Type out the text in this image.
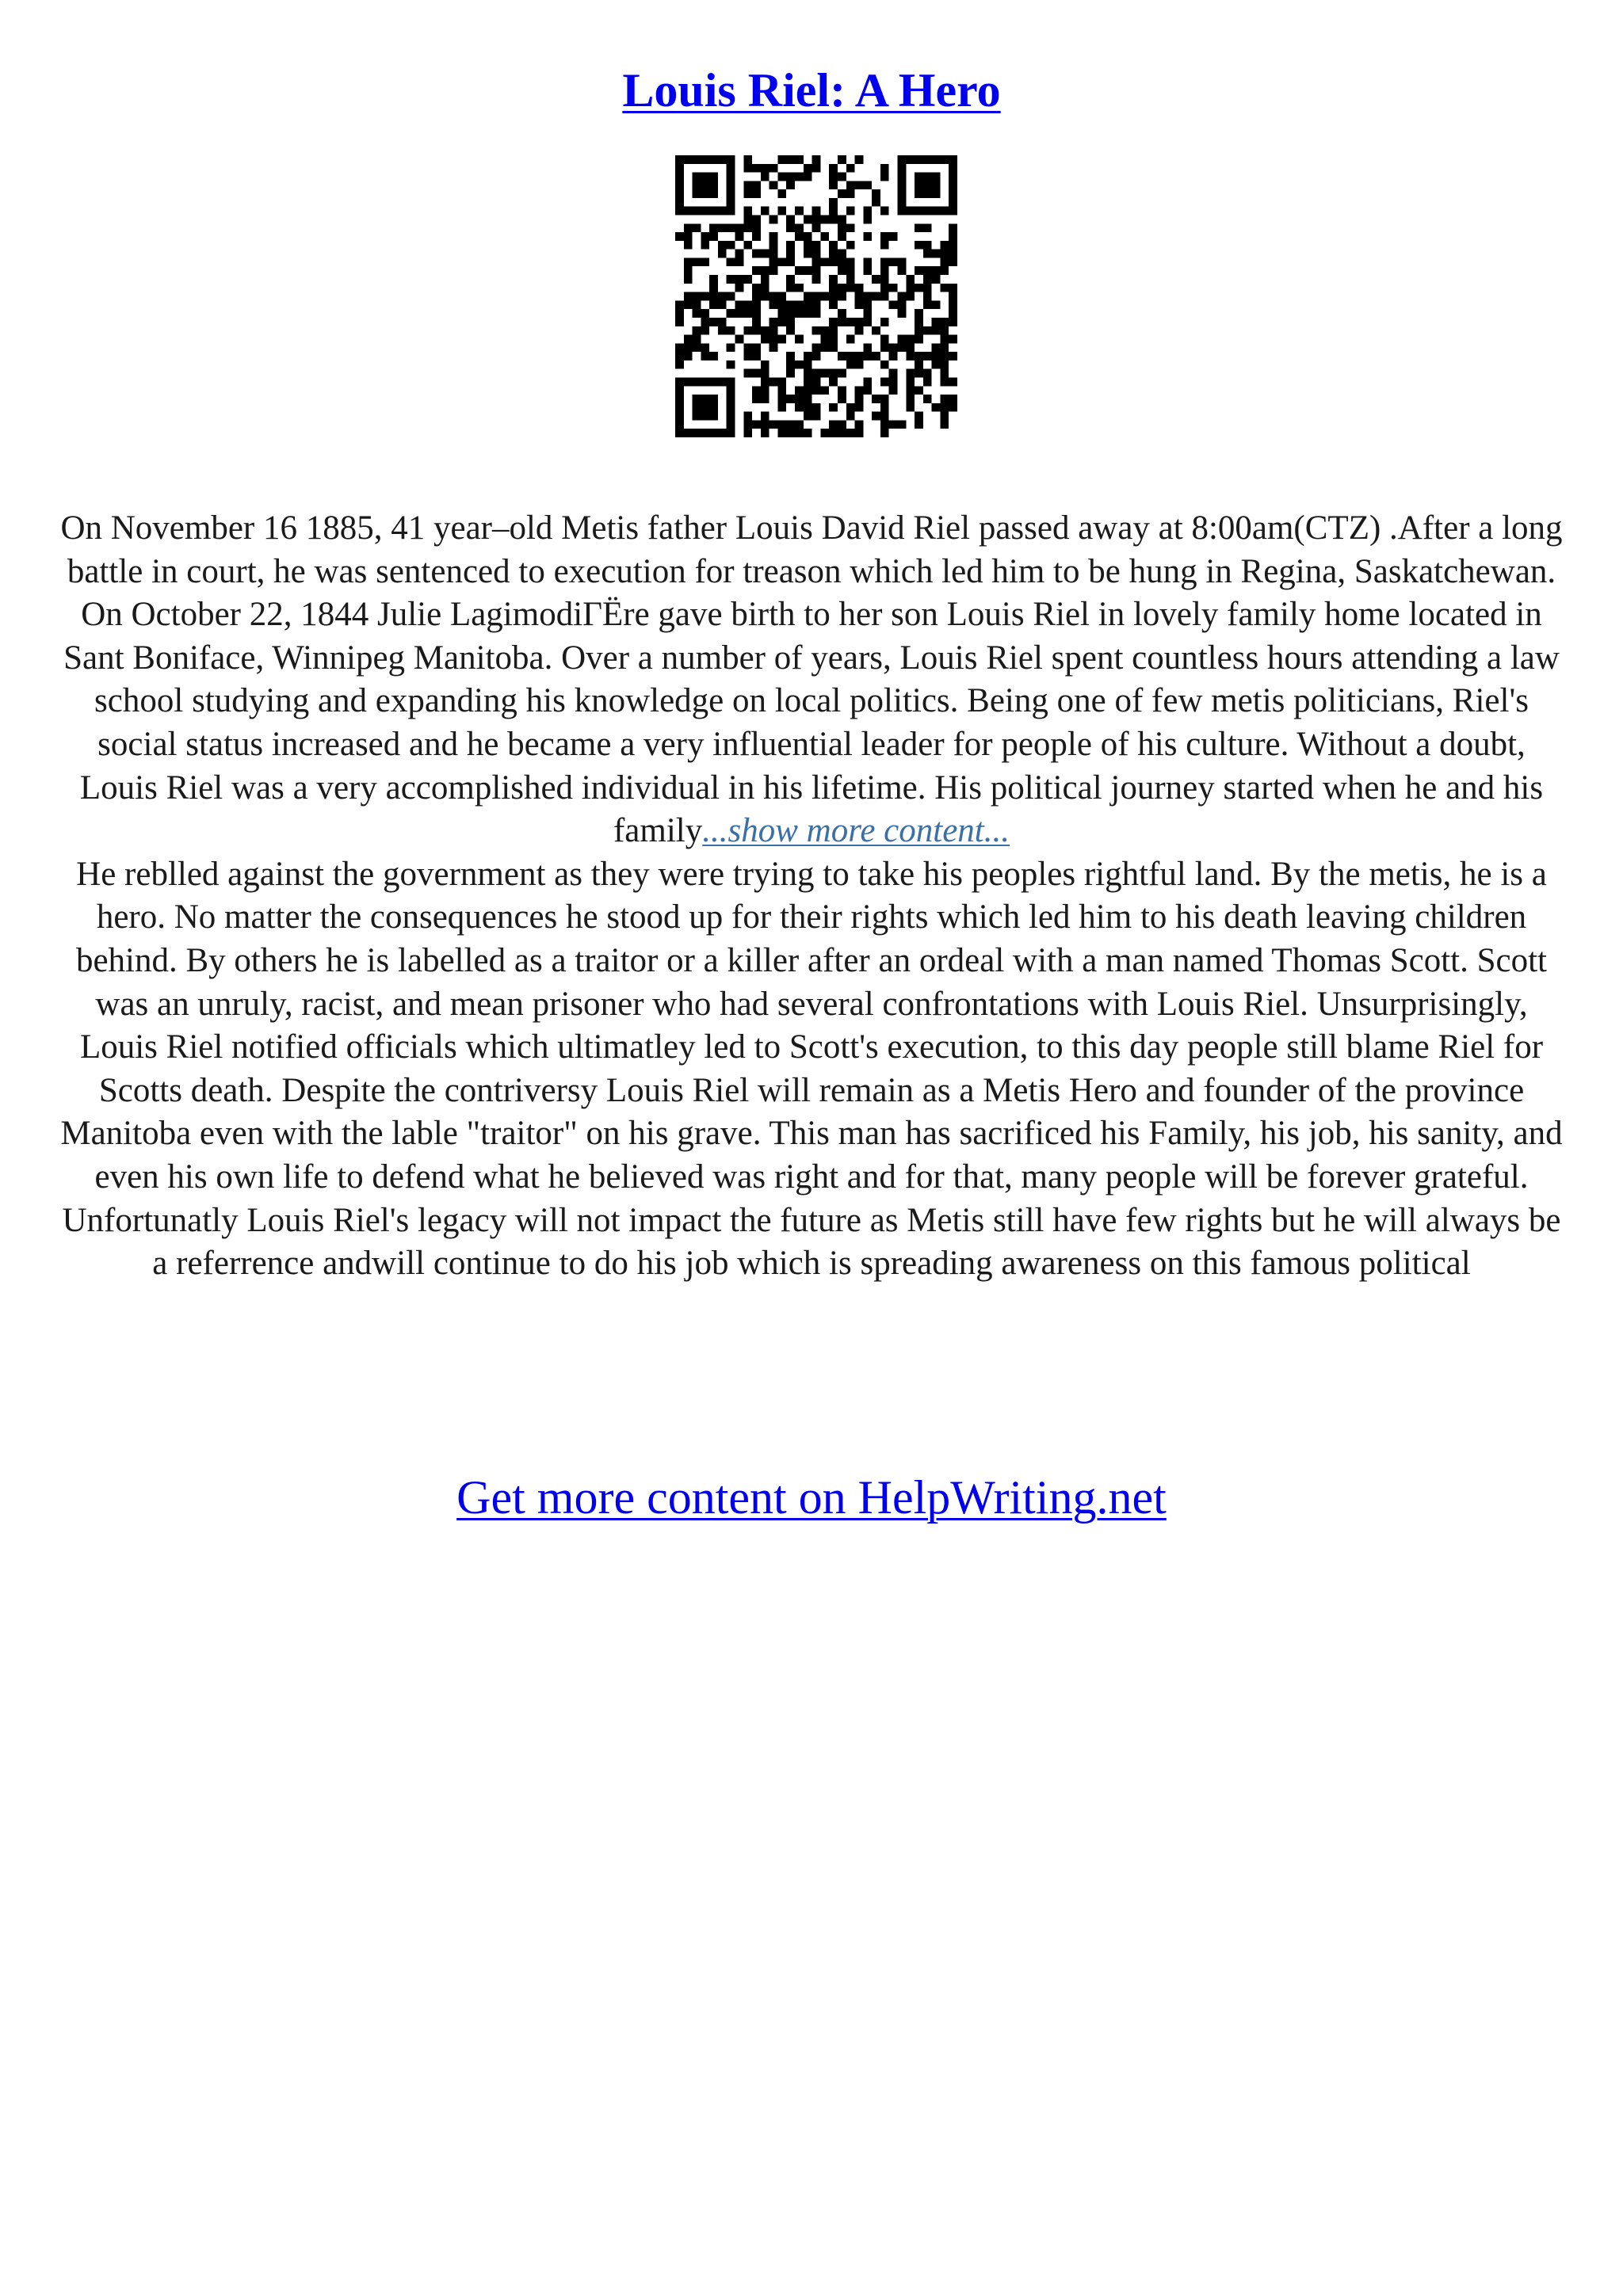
Louis Riel: A Hero

On November 16 1885, 41 year–old Metis father Louis David Riel passed away at 8:00am(CTZ) .After a long battle in court, he was sentenced to execution for treason which led him to be hung in Regina, Saskatchewan. On October 22, 1844 Julie LagimodiГЁre gave birth to her son Louis Riel in lovely family home located in Sant Boniface, Winnipeg Manitoba. Over a number of years, Louis Riel spent countless hours attending a law school studying and expanding his knowledge on local politics. Being one of few metis politicians, Riel's social status increased and he became a very influential leader for people of his culture. Without a doubt, Louis Riel was a very accomplished individual in his lifetime. His political journey started when he and his family...show more content...

He reblled against the government as they were trying to take his peoples rightful land. By the metis, he is a hero. No matter the consequences he stood up for their rights which led him to his death leaving children behind. By others he is labelled as a traitor or a killer after an ordeal with a man named Thomas Scott. Scott was an unruly, racist, and mean prisoner who had several confrontations with Louis Riel. Unsurprisingly, Louis Riel notified officials which ultimatley led to Scott's execution, to this day people still blame Riel for Scotts death. Despite the contriversy Louis Riel will remain as a Metis Hero and founder of the province Manitoba even with the lable "traitor" on his grave. This man has sacrificed his Family, his job, his sanity, and even his own life to defend what he believed was right and for that, many people will be forever grateful. Unfortunatly Louis Riel's legacy will not impact the future as Metis still have few rights but he will always be a referrence andwill continue to do his job which is spreading awareness on this famous political

Get more content on HelpWriting.net
